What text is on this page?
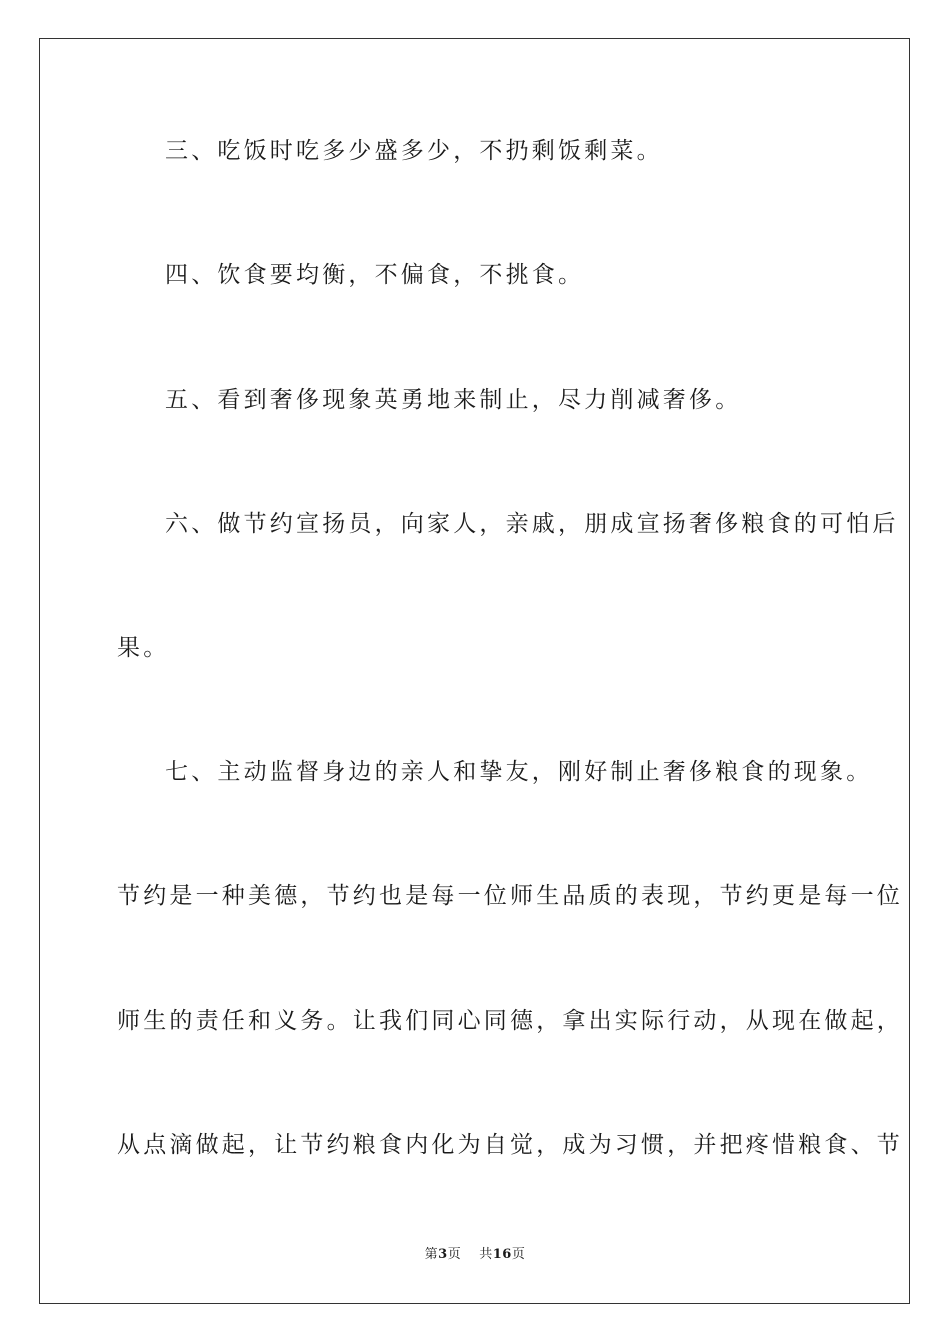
三、吃饭时吃多少盛多少，不扔剩饭剩菜。

四、饮食要均衡，不偏食，不挑食。

五、看到奢侈现象英勇地来制止，尽力削减奢侈。

六、做节约宣扬员，向家人，亲戚，朋成宣扬奢侈粮食的可怕后

果。

七、主动监督身边的亲人和挚友，刚好制止奢侈粮食的现象。

节约是一种美德，节约也是每一位师生品质的表现，节约更是每一位

师生的责任和义务。让我们同心同德，拿出实际行动，从现在做起，

从点滴做起，让节约粮食内化为自觉，成为习惯，并把疼惜粮食、节

第3页 共16页
